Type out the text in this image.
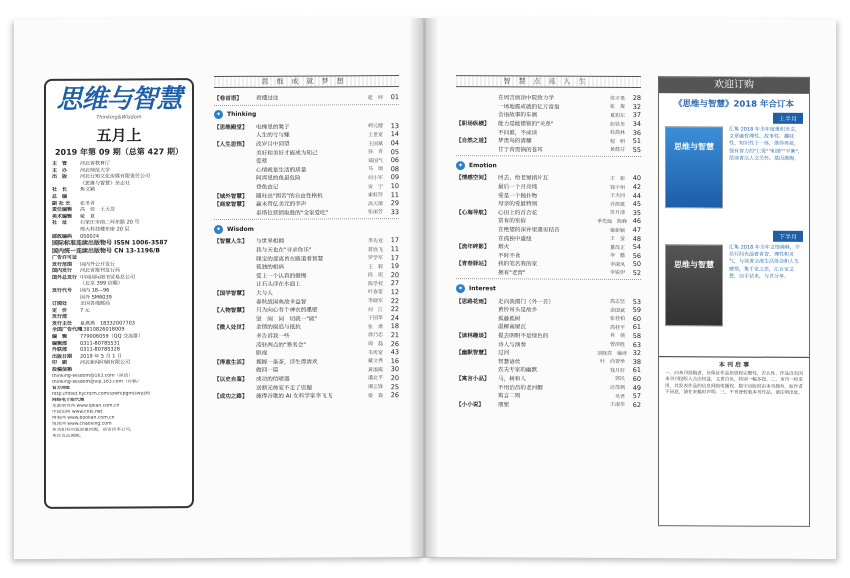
思维与智慧
Thinking&Wisdom
五月上
2019 年第 09 期（总第 427 期）
主　管	河北省教育厅
主　办	河北师范大学
出　版	河北行知文化传媒有限责任公司
《思维与智慧》杂志社
社　长	焦文颖
总　编
副 社 长	张冬青
责任编辑	高　倍　王天芳
美术编辑	戴　夏
社　址	石家庄市南二环东路 20 号
师大科技楼东座 20 层
邮政编码	050024
国际标准连续出版物号 ISSN 1006-3587
国内统一连续出版物号 CN 13-1196/B
广告许可证
发行范围	国内外公开发行
国内发行	河北省报刊发行局
国外总发行 中国国际图书贸易总公司
（北京 399 信箱）
发行代号	国内 18—96
国外 SM6039
订阅处	全国各地邮局
定　价	7 元
发行部
发行主任	夏燕燕　18332007703
全国广告代理
13810826018009
编　辑	779006059（QQ 交流群）
编辑部	0311-80785531
外联部	0311-80785328
出版日期	2019 年 5 月 1 日
印　刷	河北新闻印刷有限公司
投稿信箱
thinking-wisdom@163.com（原创）
thinking-wisdom@vip.163.com（荐稿）
官方网址
http://hbsd.hychcm.com/szwh/pgm/swyzh/
网络电子版代理
龙源期刊网 www.qikan.com.cn
中国知网 www.cnki.net
博看网 www.bookan.com.cn
悦读网 www.chaoxing.com
本刊如有印装质量问题，请寄回本公司，
本社负责调换。
思维成就梦想
【卷首语】	看懂过往	乾　呼	01
✦ Thinking
【思维殿堂】	电梯里的凳子	柯元健	13
人生的亏与赚	王世宽	14
【人生思悟】	改岁月中回望	王国斌	04
美好和美好才能成为知己	孙　青	05
爱蔡	郑国气	06
心情就是生活的质量	马　颂	08
阿湾里的鱼最危险	何小军	09
登鱼由记	安　宁	10
【域外智慧】	随吐出"困苦"的自由性格机	索虹玲	11
【商家智慧】	赢未背亿美元的孪声	高天瑞	29
泰塔位营销取胜的"全家爱吃"	张丽芳	33
✦ Wisdom
【智慧人生】	与世界相拥	李先业	17
我与天也在"寻求你乐"	蒋欣飞	11
爬宝的那离首在路道看智慧	罗学军	17
孤独的相码	王　毅	19
爱上一个认真的傲慢	段　泥	20
让石头浮在水面上	陈学权	27
【国学智慧】	大与人	叶春雷	12
春秋战国典故多益智	李晓军	22
【人物智慧】	只为向心有个神农的墨壁	何　江	22
坚　闲　同　切就一"硫"	于国华	24
【微人处世】	金锁的谢追与抵抗	张　肃	18
多告诉我一些	徐乃忠	21
凌驻两点的"寒名会"	周　磊	26
胆视	韦传宽	43
【得意生活】	拥握一条茶，浮生得清欢	戴文秀	16
做回一篇	黄淑霞	30
【以史自鉴】	成功的信喷器	潘北平	20
送鼎元帅家不走了资题	谭云锋	25
【成功之路】	施得谷歌的 AI 女科学家李飞飞	梁　森	26
智慧点亮人生
在周吉烦顶中院致力学	佟才果	28
一场地震成就的亿万富翁	张　俊	32
会语故事的车画	夏旭东	37
【职场纵横】	能力是能错锁的"关系"	赵铁华	34
不问谁，不成谈	杜高林	36
【自然之道】	梦贵鸟的清耀	程　明	51
甘于背黑锅的苍耳	黄鼓芬	55
✦ Emotion
【情感空间】	回去，给老屋捎片瓦	王　新	40
最后一个月亮炖	钱宇州	42
爱是一个抛扑物	王大同	44
母亲的爱最特别	乔凯歌	45
【心海导航】	心田上的首合花	佟月清	35
富有的室宿	季先灿　陈峰 46
在绝望的深井里遇见秸音	梁新颖	47
在孤独中盛纽	王　莹	48
【流年碎影】	烟火	董改正	54
不时不食	李　懿	56
【青春驿站】	我的笔名我的家	李淑凤	50
拥有"老营"	李锐伊	52
✦ Interest
【思路花雨】	走向我揭门（外一首）	高志坚	53
黄铃吊头是故乡	余国斌	59
孤藤孤树	张桂柏	60
温柳南屋瓦	高桂平	61
【读林趣谈】	提去明明不是绿色的	肖　倩	58
诗人与演奏	曾滨胜	63
【幽默智慧】	过河	刘晓亮　编译 32
智慧语丝	叶　尚智举	38
农夫专家的幽默	钱月轩	61
【寓言小品】	马，树和人	郭民	60
不用治昌的老河帽	还茂枫	49
寓言二则	吴君	57
【小小说】	朋堑	王淑华	62
欢迎订购
《思维与智慧》2018 年合订本
上半月
思维与智慧
汇集 2018 年全年度重积美文，文章融哲理性、故事性、趣味性、知识性于一体，借你再爱，强有智力的"仁爱""和谐""平衡"，给读者以人文关怀、基因熏陶。
下半月
思维与智慧
汇集 2018 年全年文情佛释，学员行间充溢着善智、理性和灵气，与读者交流生活体会和人生感悟，集千家之思，汇百家文慧，信手拈来，与君分享。
本 刊 启 事
一、向本刊投稿者，应保证作品原创和完整性，否认性、作品没有因本刊刊投版入合法权益，文责自负，特别一稿多投。二、本刊一经采用，其发表作品的信息网络传播权、数字出版权由本刊拥有，如作者不同意，请在来稿时声明。三、不刊登转载本刊作品，请注明出处。
